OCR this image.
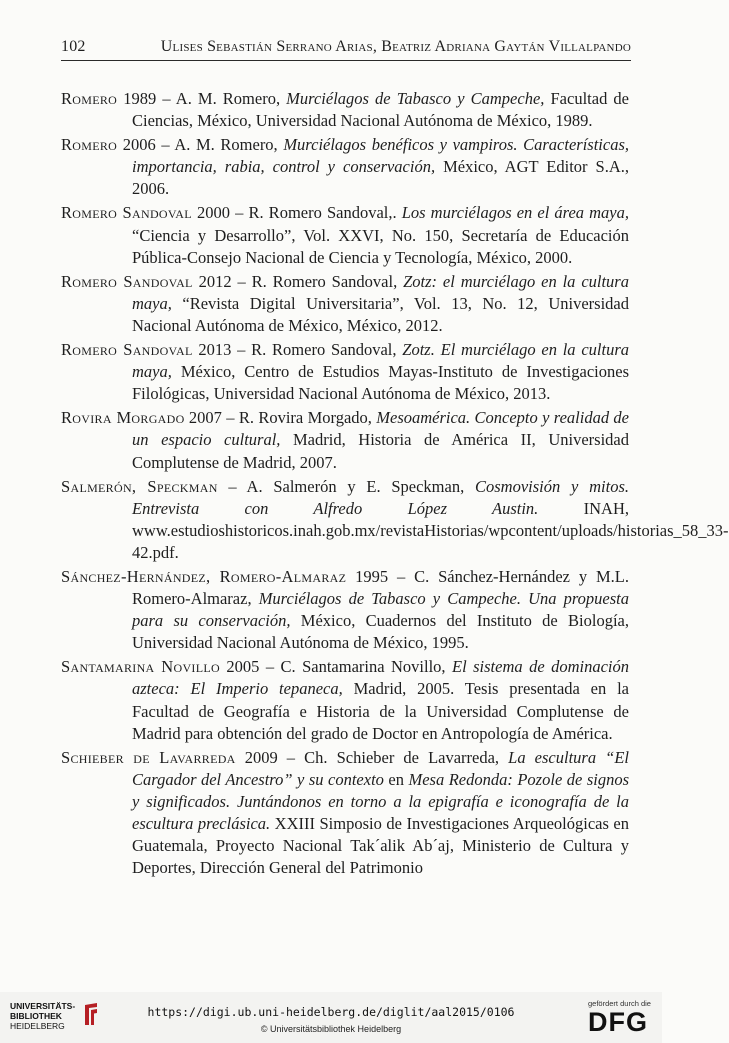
102	Ulises Sebastián Serrano Arias, Beatriz Adriana Gaytán Villalpando

Romero 1989 – A. M. Romero, Murciélagos de Tabasco y Campeche, Facultad de Ciencias, México, Universidad Nacional Autónoma de México, 1989.

Romero 2006 – A. M. Romero, Murciélagos benéficos y vampiros. Características, importancia, rabia, control y conservación, México, AGT Editor S.A., 2006.

Romero Sandoval 2000 – R. Romero Sandoval,. Los murciélagos en el área maya, “Ciencia y Desarrollo”, Vol. XXVI, No. 150, Secretaría de Educación Pública-Consejo Nacional de Ciencia y Tecnología, México, 2000.

Romero Sandoval 2012 – R. Romero Sandoval, Zotz: el murciélago en la cultura maya, “Revista Digital Universitaria”, Vol. 13, No. 12, Universidad Nacional Autónoma de México, México, 2012.

Romero Sandoval 2013 – R. Romero Sandoval, Zotz. El murciélago en la cultura maya, México, Centro de Estudios Mayas-Instituto de Investigaciones Filológicas, Universidad Nacional Autónoma de México, 2013.

Rovira Morgado 2007 – R. Rovira Morgado, Mesoamérica. Concepto y realidad de un espacio cultural, Madrid, Historia de América II, Universidad Complutense de Madrid, 2007.

Salmerón, Speckman – A. Salmerón y E. Speckman, Cosmovisión y mitos. Entrevista con Alfredo López Austin. INAH, www.estudioshistoricos.inah.gob.mx/revistaHistorias/wpcontent/uploads/historias_58_33-42.pdf.

Sánchez-Hernández, Romero-Almaraz 1995 – C. Sánchez-Hernández y M.L. Romero-Almaraz, Murciélagos de Tabasco y Campeche. Una propuesta para su conservación, México, Cuadernos del Instituto de Biología, Universidad Nacional Autónoma de México, 1995.

Santamarina Novillo 2005 – C. Santamarina Novillo, El sistema de dominación azteca: El Imperio tepaneca, Madrid, 2005. Tesis presentada en la Facultad de Geografía e Historia de la Universidad Complutense de Madrid para obtención del grado de Doctor en Antropología de América.

Schieber de Lavarreda 2009 – Ch. Schieber de Lavarreda, La escultura “El Cargador del Ancestro” y su contexto en Mesa Redonda: Pozole de signos y significados. Juntándonos en torno a la epigrafía e iconografía de la escultura preclásica. XXIII Simposio de Investigaciones Arqueológicas en Guatemala, Proyecto Nacional Tak´alik Ab´aj, Ministerio de Cultura y Deportes, Dirección General del Patrimonio

UNIVERSITÄTS-
BIBLIOTHEK
HEIDELBERG
https://digi.ub.uni-heidelberg.de/diglit/aal2015/0106
© Universitätsbibliothek Heidelberg
gefördert durch die
DFG
